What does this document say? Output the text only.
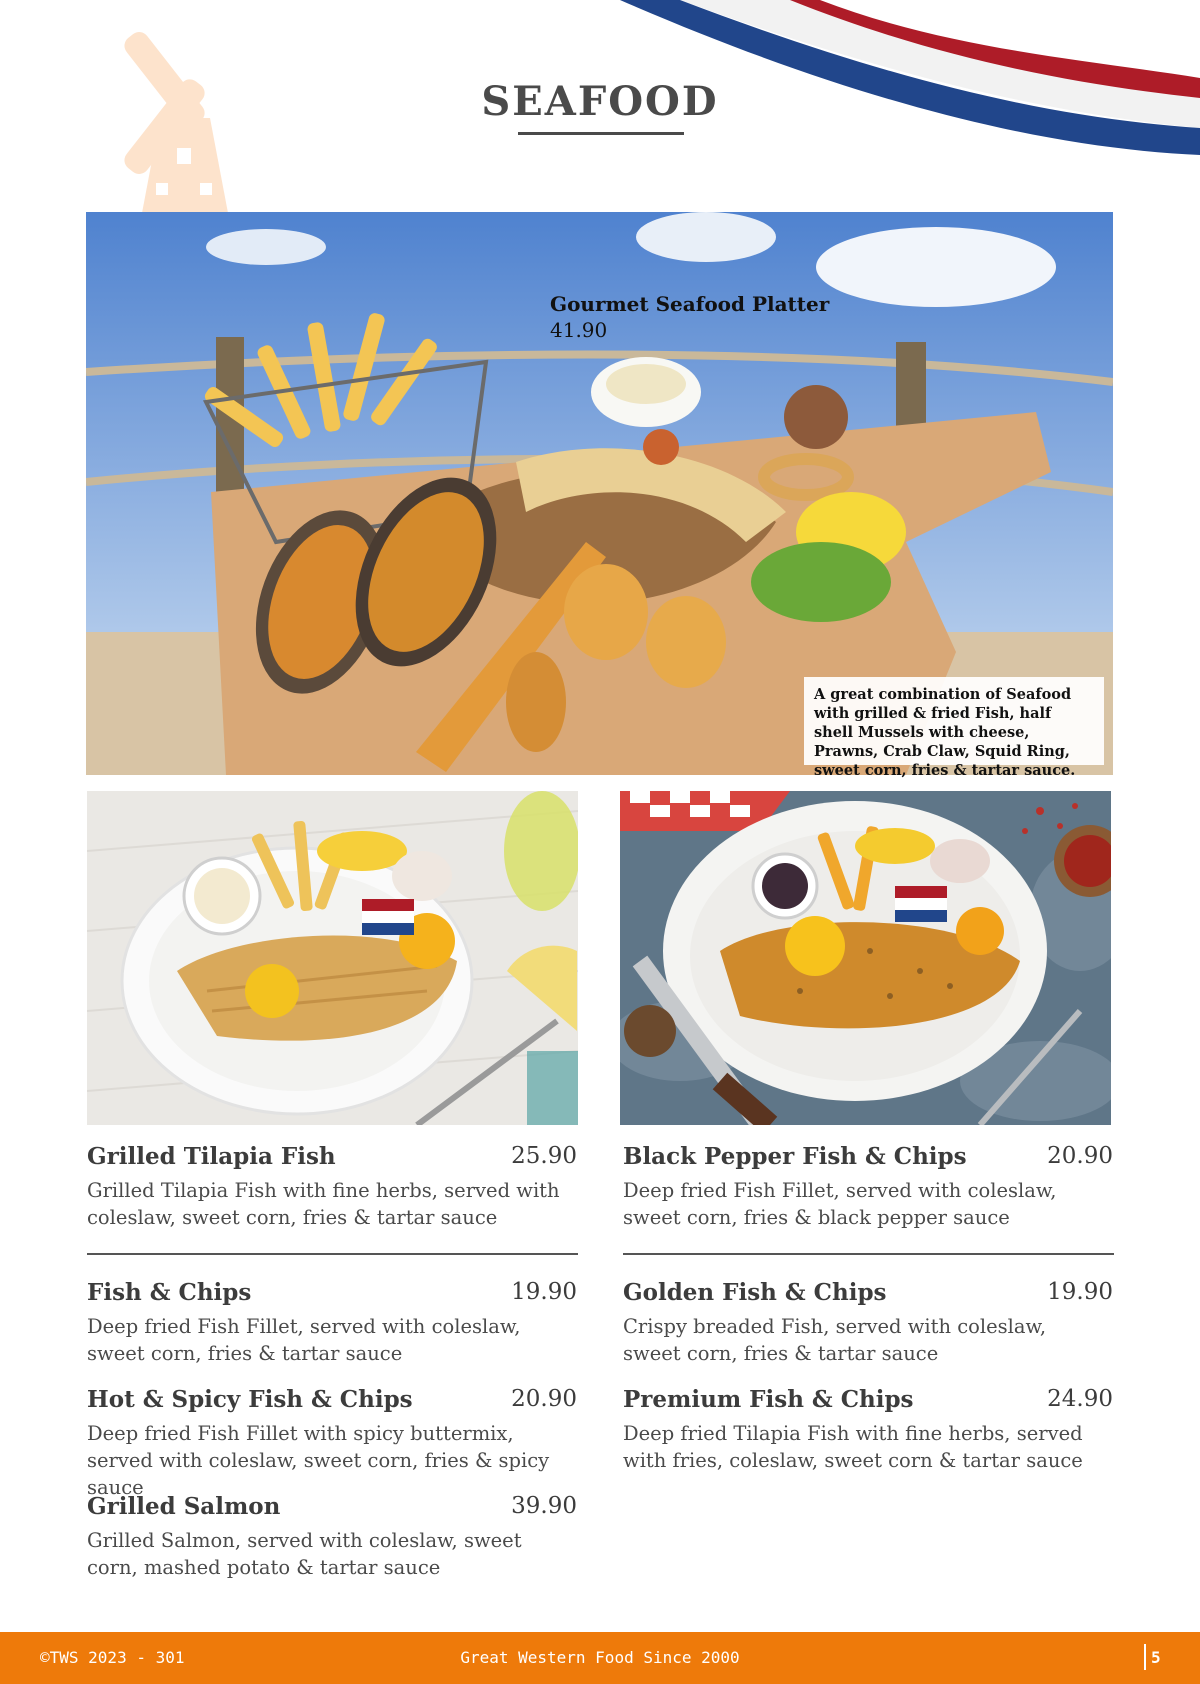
SEAFOOD
Gourmet Seafood Platter
41.90
A great combination of Seafood with grilled & fried Fish, half shell Mussels with cheese, Prawns, Crab Claw, Squid Ring, sweet corn, fries & tartar sauce.
Grilled Tilapia Fish	25.90
Grilled Tilapia Fish with fine herbs, served with coleslaw, sweet corn, fries & tartar sauce
Black Pepper Fish & Chips	20.90
Deep fried Fish Fillet, served with coleslaw, sweet corn, fries & black pepper sauce
Fish & Chips	19.90
Deep fried Fish Fillet, served with coleslaw, sweet corn, fries & tartar sauce
Hot & Spicy Fish & Chips	20.90
Deep fried Fish Fillet with spicy buttermix, served with coleslaw, sweet corn, fries & spicy sauce
Grilled Salmon	39.90
Grilled Salmon, served with coleslaw, sweet corn, mashed potato & tartar sauce
Golden Fish & Chips	19.90
Crispy breaded Fish, served with coleslaw, sweet corn, fries & tartar sauce
Premium Fish & Chips	24.90
Deep fried Tilapia Fish with fine herbs, served with fries, coleslaw, sweet corn & tartar sauce
©TWS 2023 - 301	Great Western Food Since 2000	5
